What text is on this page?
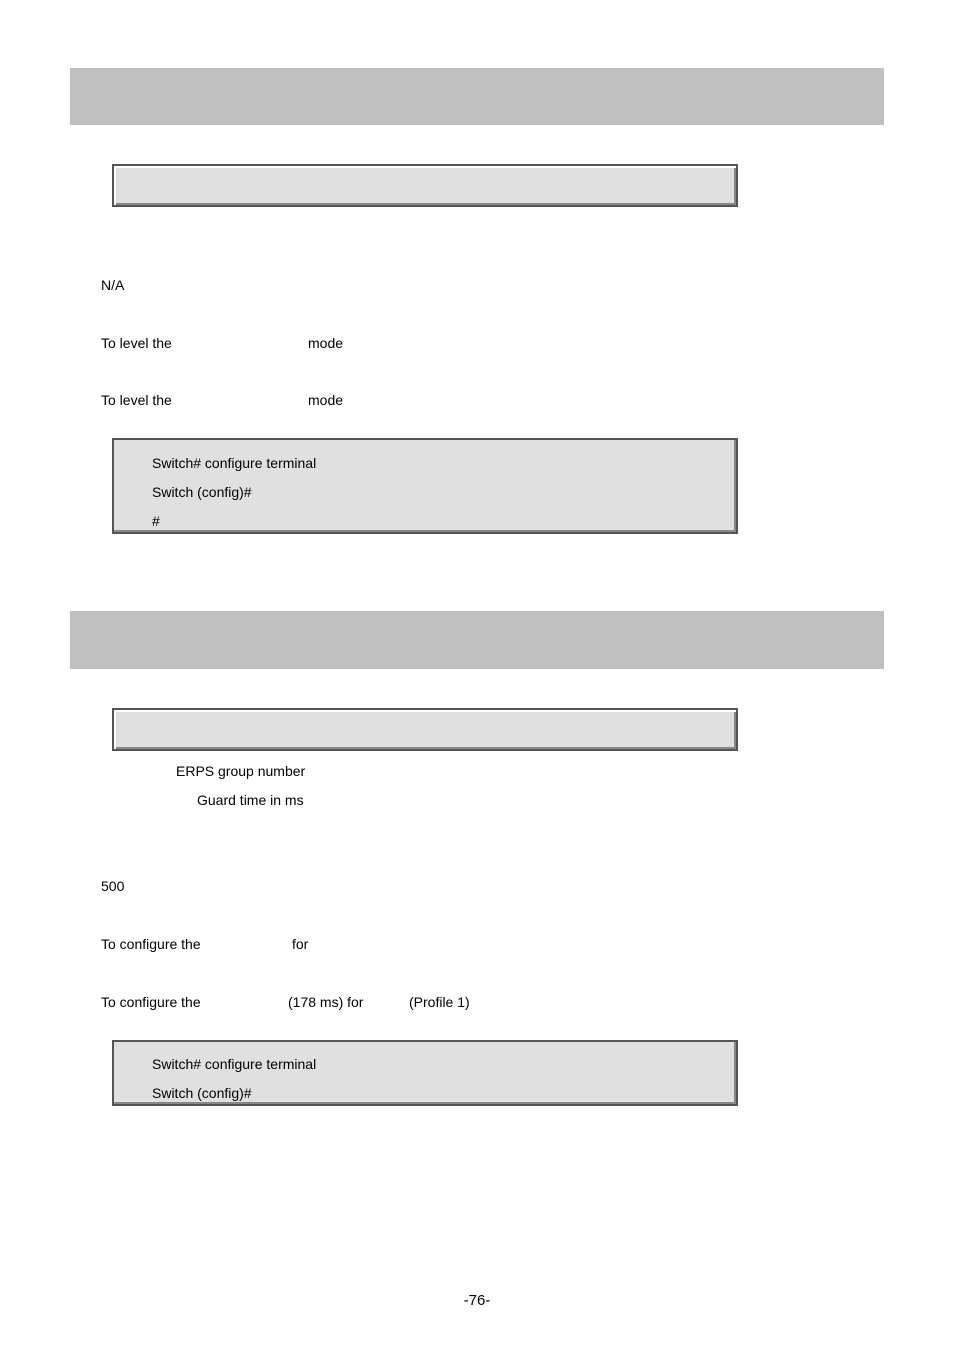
N/A
To level the	mode
To level the	mode
Switch# configure terminal
Switch (config)#
#
ERPS group number
Guard time in ms
500
To configure the	for
To configure the	(178 ms) for	(Profile 1)
Switch# configure terminal
Switch (config)#
-76-
